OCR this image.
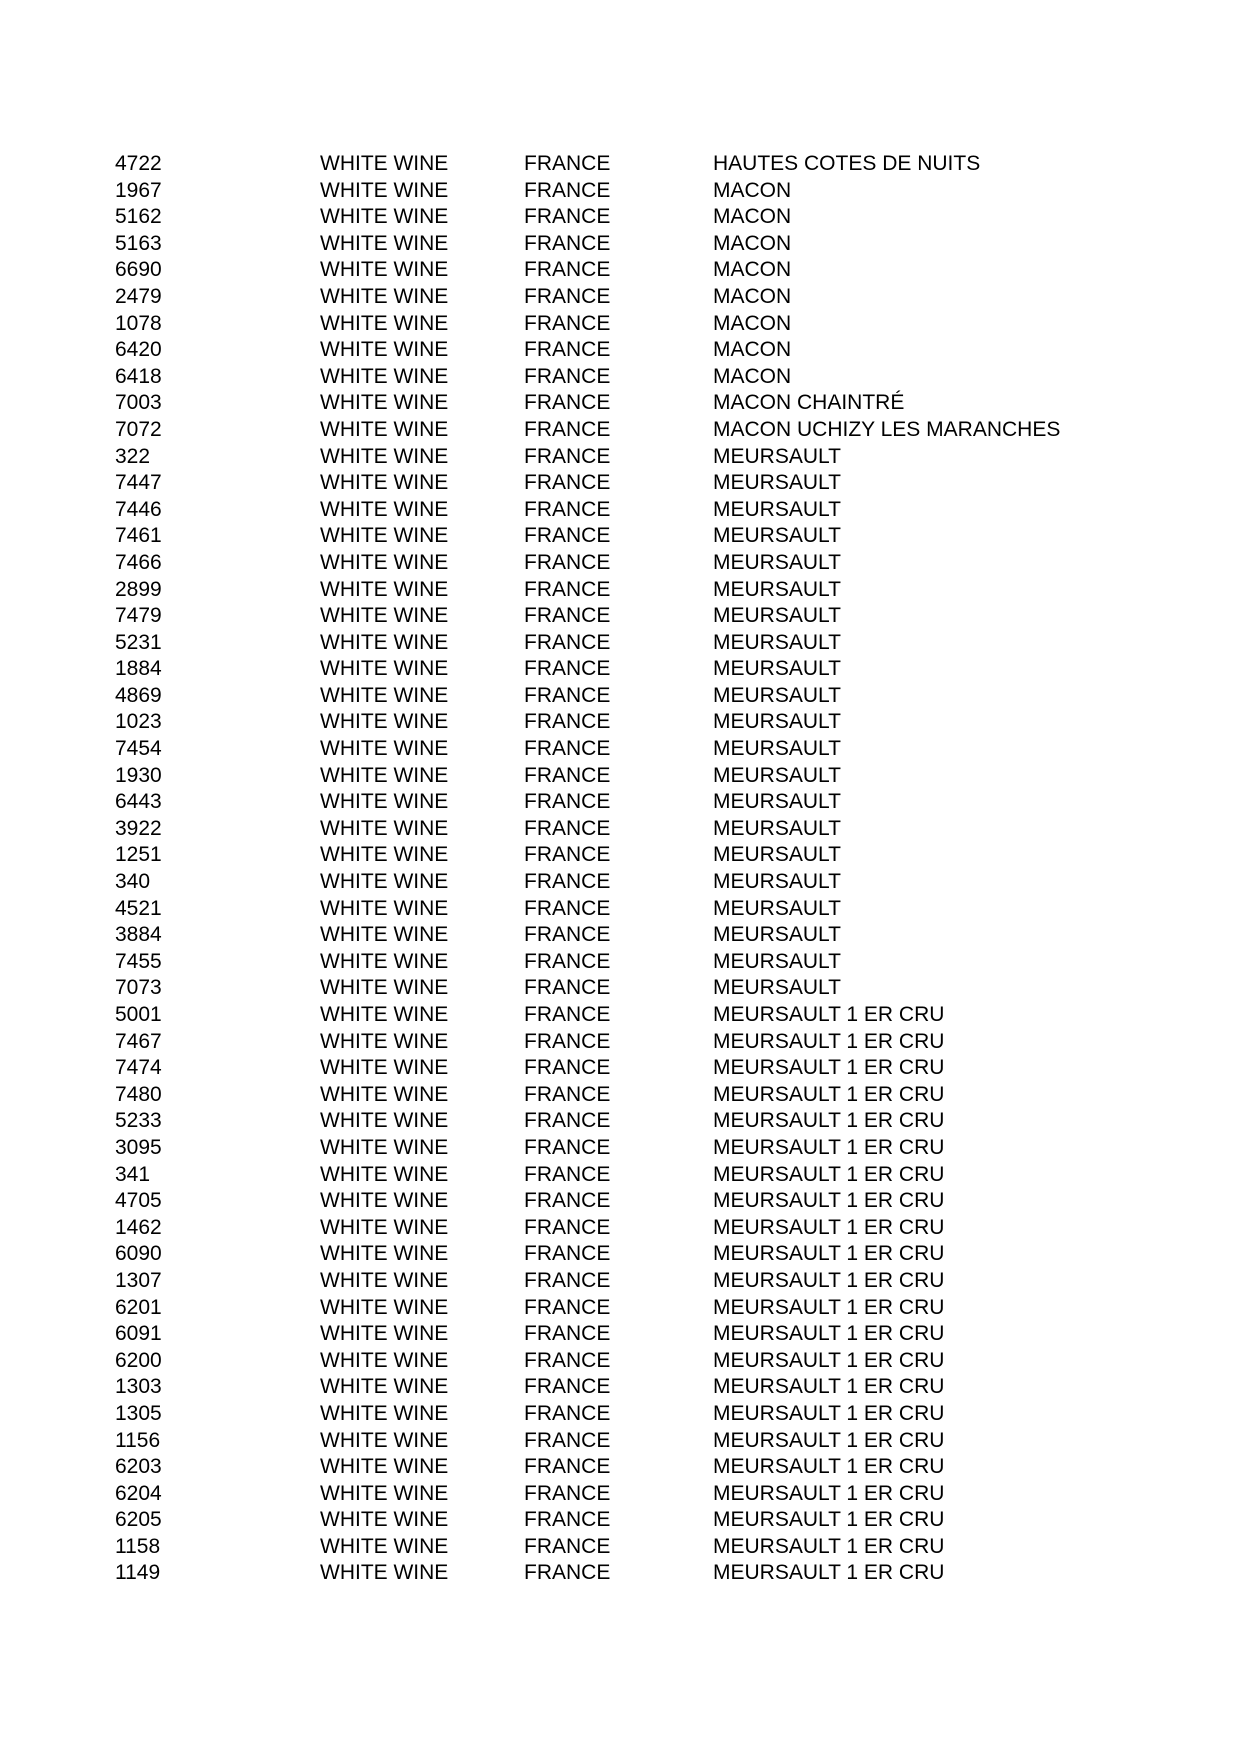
4722	WHITE WINE	FRANCE	HAUTES COTES DE NUITS
1967	WHITE WINE	FRANCE	MACON
5162	WHITE WINE	FRANCE	MACON
5163	WHITE WINE	FRANCE	MACON
6690	WHITE WINE	FRANCE	MACON
2479	WHITE WINE	FRANCE	MACON
1078	WHITE WINE	FRANCE	MACON
6420	WHITE WINE	FRANCE	MACON
6418	WHITE WINE	FRANCE	MACON
7003	WHITE WINE	FRANCE	MACON CHAINTRÉ
7072	WHITE WINE	FRANCE	MACON UCHIZY LES MARANCHES
322	WHITE WINE	FRANCE	MEURSAULT
7447	WHITE WINE	FRANCE	MEURSAULT
7446	WHITE WINE	FRANCE	MEURSAULT
7461	WHITE WINE	FRANCE	MEURSAULT
7466	WHITE WINE	FRANCE	MEURSAULT
2899	WHITE WINE	FRANCE	MEURSAULT
7479	WHITE WINE	FRANCE	MEURSAULT
5231	WHITE WINE	FRANCE	MEURSAULT
1884	WHITE WINE	FRANCE	MEURSAULT
4869	WHITE WINE	FRANCE	MEURSAULT
1023	WHITE WINE	FRANCE	MEURSAULT
7454	WHITE WINE	FRANCE	MEURSAULT
1930	WHITE WINE	FRANCE	MEURSAULT
6443	WHITE WINE	FRANCE	MEURSAULT
3922	WHITE WINE	FRANCE	MEURSAULT
1251	WHITE WINE	FRANCE	MEURSAULT
340	WHITE WINE	FRANCE	MEURSAULT
4521	WHITE WINE	FRANCE	MEURSAULT
3884	WHITE WINE	FRANCE	MEURSAULT
7455	WHITE WINE	FRANCE	MEURSAULT
7073	WHITE WINE	FRANCE	MEURSAULT
5001	WHITE WINE	FRANCE	MEURSAULT 1 ER CRU
7467	WHITE WINE	FRANCE	MEURSAULT 1 ER CRU
7474	WHITE WINE	FRANCE	MEURSAULT 1 ER CRU
7480	WHITE WINE	FRANCE	MEURSAULT 1 ER CRU
5233	WHITE WINE	FRANCE	MEURSAULT 1 ER CRU
3095	WHITE WINE	FRANCE	MEURSAULT 1 ER CRU
341	WHITE WINE	FRANCE	MEURSAULT 1 ER CRU
4705	WHITE WINE	FRANCE	MEURSAULT 1 ER CRU
1462	WHITE WINE	FRANCE	MEURSAULT 1 ER CRU
6090	WHITE WINE	FRANCE	MEURSAULT 1 ER CRU
1307	WHITE WINE	FRANCE	MEURSAULT 1 ER CRU
6201	WHITE WINE	FRANCE	MEURSAULT 1 ER CRU
6091	WHITE WINE	FRANCE	MEURSAULT 1 ER CRU
6200	WHITE WINE	FRANCE	MEURSAULT 1 ER CRU
1303	WHITE WINE	FRANCE	MEURSAULT 1 ER CRU
1305	WHITE WINE	FRANCE	MEURSAULT 1 ER CRU
1156	WHITE WINE	FRANCE	MEURSAULT 1 ER CRU
6203	WHITE WINE	FRANCE	MEURSAULT 1 ER CRU
6204	WHITE WINE	FRANCE	MEURSAULT 1 ER CRU
6205	WHITE WINE	FRANCE	MEURSAULT 1 ER CRU
1158	WHITE WINE	FRANCE	MEURSAULT 1 ER CRU
1149	WHITE WINE	FRANCE	MEURSAULT 1 ER CRU
